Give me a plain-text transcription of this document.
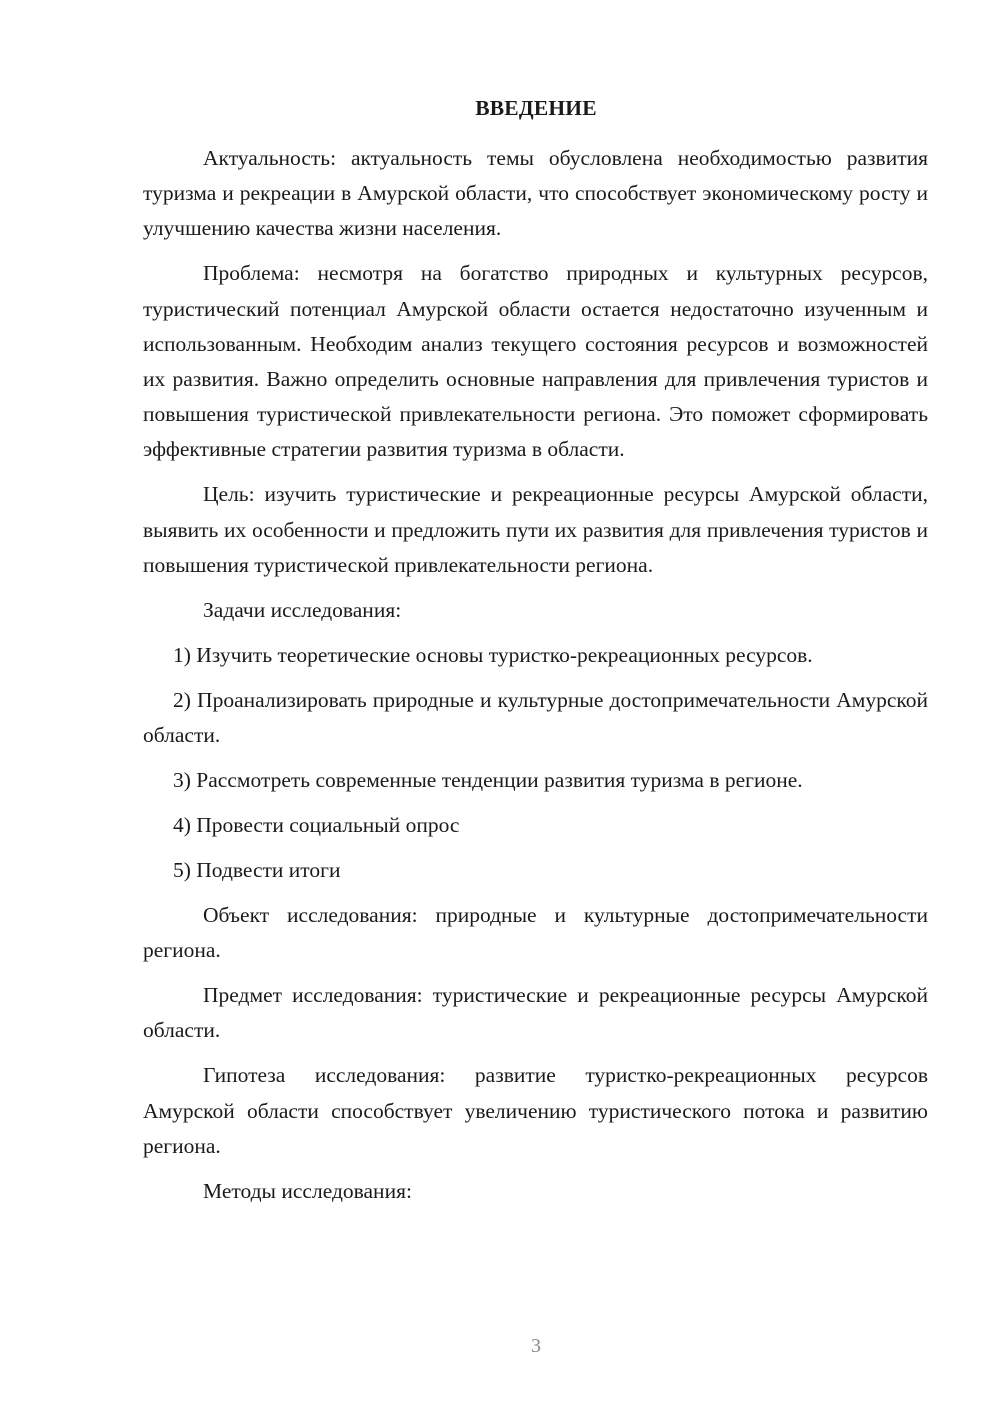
ВВЕДЕНИЕ

Актуальность: актуальность темы обусловлена необходимостью развития туризма и рекреации в Амурской области, что способствует экономическому росту и улучшению качества жизни населения.

Проблема: несмотря на богатство природных и культурных ресурсов, туристический потенциал Амурской области остается недостаточно изученным и использованным. Необходим анализ текущего состояния ресурсов и возможностей их развития. Важно определить основные направления для привлечения туристов и повышения туристической привлекательности региона. Это поможет сформировать эффективные стратегии развития туризма в области.

Цель: изучить туристические и рекреационные ресурсы Амурской области, выявить их особенности и предложить пути их развития для привлечения туристов и повышения туристической привлекательности региона.

Задачи исследования:

1) Изучить теоретические основы туристко-рекреационных ресурсов.

2) Проанализировать природные и культурные достопримечательности Амурской области.

3) Рассмотреть современные тенденции развития туризма в регионе.

4) Провести социальный опрос

5) Подвести итоги

Объект исследования: природные и культурные достопримечательности региона.

Предмет исследования: туристические и рекреационные ресурсы Амурской области.

Гипотеза исследования: развитие туристко-рекреационных ресурсов Амурской области способствует увеличению туристического потока и развитию региона.

Методы исследования:

3
